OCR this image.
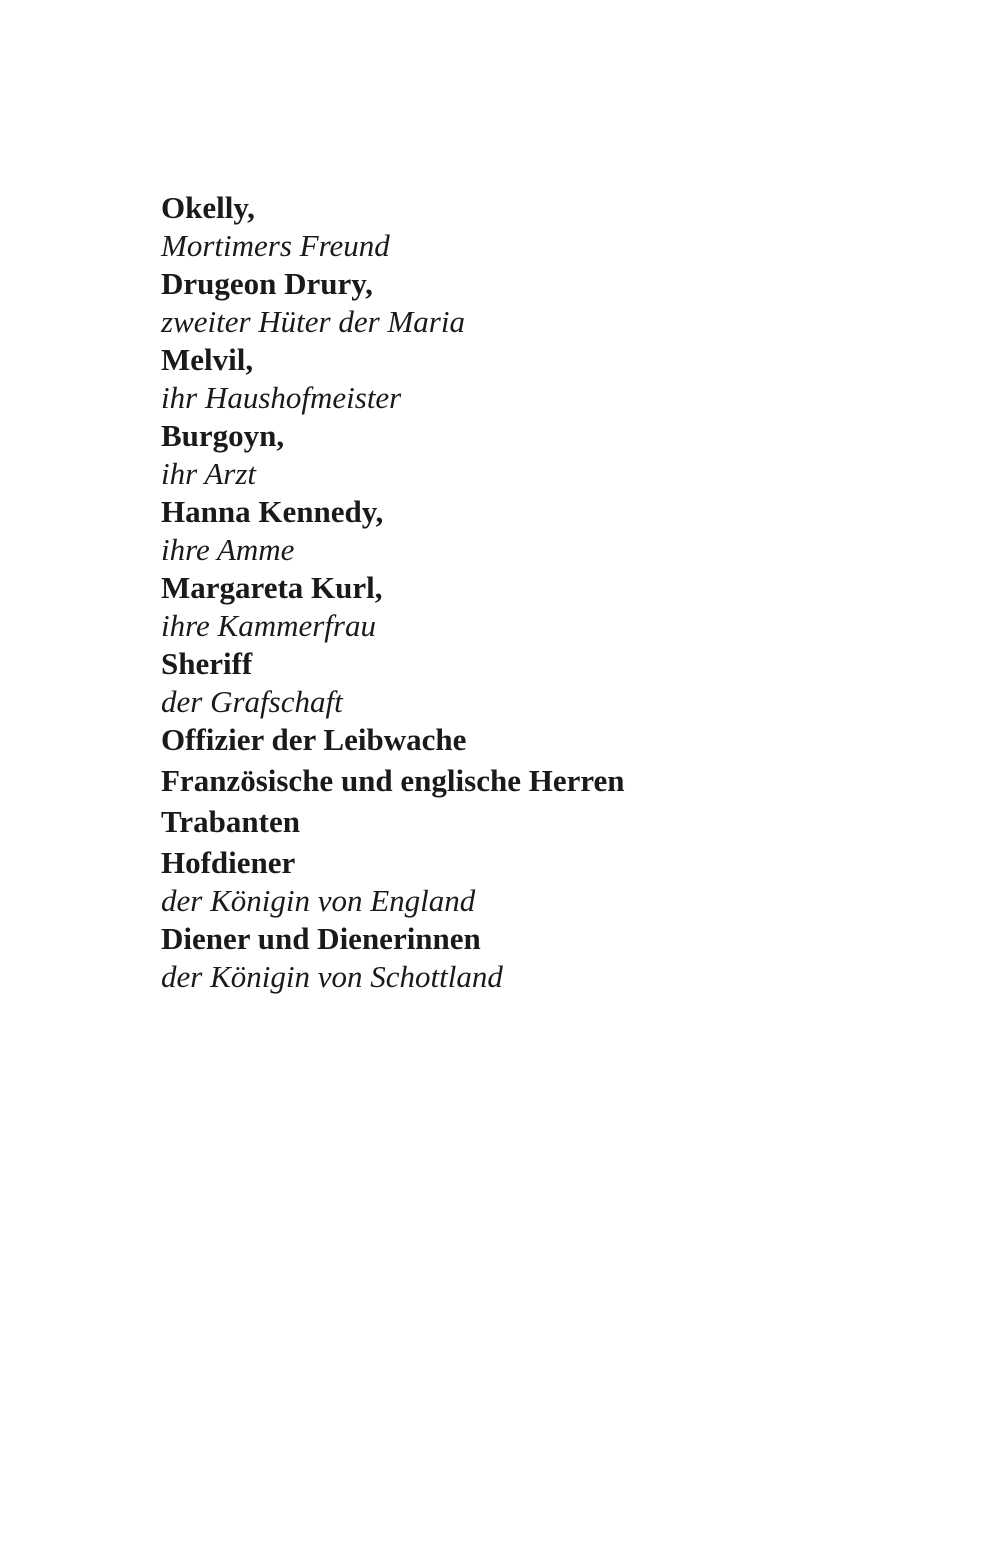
Okelly,
Mortimers Freund
Drugeon Drury,
zweiter Hüter der Maria
Melvil,
ihr Haushofmeister
Burgoyn,
ihr Arzt
Hanna Kennedy,
ihre Amme
Margareta Kurl,
ihre Kammerfrau
Sheriff
der Grafschaft
Offizier der Leibwache
Französische und englische Herren
Trabanten
Hofdiener
der Königin von England
Diener und Dienerinnen
der Königin von Schottland
